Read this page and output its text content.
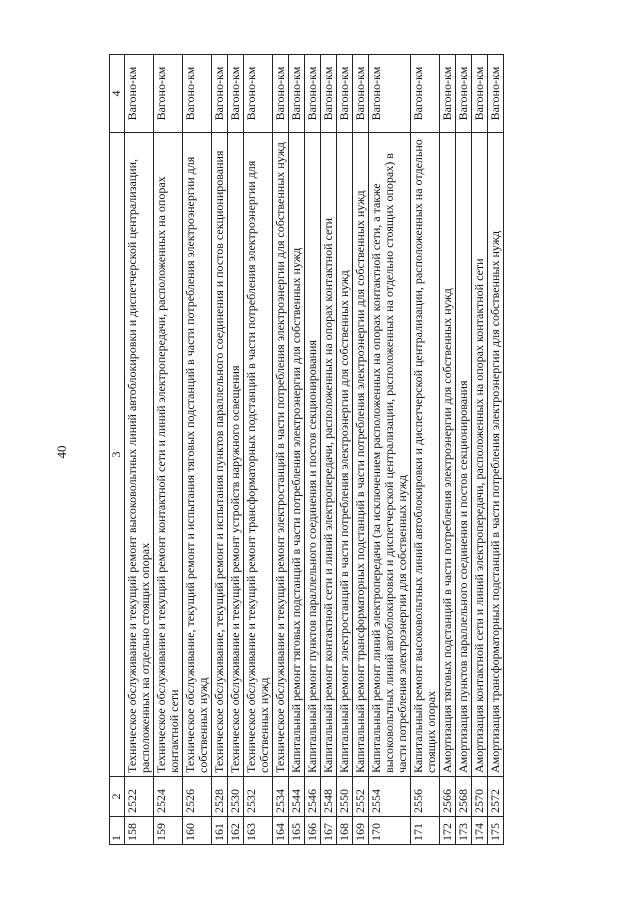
40
1	2	3	4
158	2522	Техническое обслуживание и текущий ремонт высоковольтных линий автоблокировки и диспетчерской централизации, расположенных на отдельно стоящих опорах	Вагоно-км
159	2524	Техническое обслуживание и текущий ремонт контактной сети и линий электропередачи, расположенных на опорах контактной сети	Вагоно-км
160	2526	Техническое обслуживание, текущий ремонт и испытания тяговых подстанций в части потребления электроэнергии для собственных нужд	Вагоно-км
161	2528	Техническое обслуживание, текущий ремонт и испытания пунктов параллельного соединения и постов секционирования	Вагоно-км
162	2530	Техническое обслуживание и текущий ремонт устройств наружного освещения	Вагоно-км
163	2532	Техническое обслуживание и текущий ремонт трансформаторных подстанций в части потребления электроэнергии для собственных нужд	Вагоно-км
164	2534	Техническое обслуживание и текущий ремонт электростанций в части потребления электроэнергии для собственных нужд	Вагоно-км
165	2544	Капитальный ремонт тяговых подстанций в части потребления электроэнергии для собственных нужд	Вагоно-км
166	2546	Капитальный ремонт пунктов параллельного соединения и постов секционирования	Вагоно-км
167	2548	Капитальный ремонт контактной сети и линий электропередачи, расположенных на опорах контактной сети	Вагоно-км
168	2550	Капитальный ремонт электростанций в части потребления электроэнергии для собственных нужд	Вагоно-км
169	2552	Капитальный ремонт трансформаторных подстанций в части потребления электроэнергии для собственных нужд	Вагоно-км
170	2554	Капитальный ремонт линий электропередачи (за исключением расположенных на опорах контактной сети, а также высоковольтных линий автоблокировки и диспетчерской централизации, расположенных на отдельно стоящих опорах) в части потребления электроэнергии для собственных нужд	Вагоно-км
171	2556	Капитальный ремонт высоковольтных линий автоблокировки и диспетчерской централизации, расположенных на отдельно стоящих опорах	Вагоно-км
172	2566	Амортизация тяговых подстанций в части потребления электроэнергии для собственных нужд	Вагоно-км
173	2568	Амортизация пунктов параллельного соединения и постов секционирования	Вагоно-км
174	2570	Амортизация контактной сети и линий электропередачи, расположенных на опорах контактной сети	Вагоно-км
175	2572	Амортизация трансформаторных подстанций в части потребления электроэнергии для собственных нужд	Вагоно-км
